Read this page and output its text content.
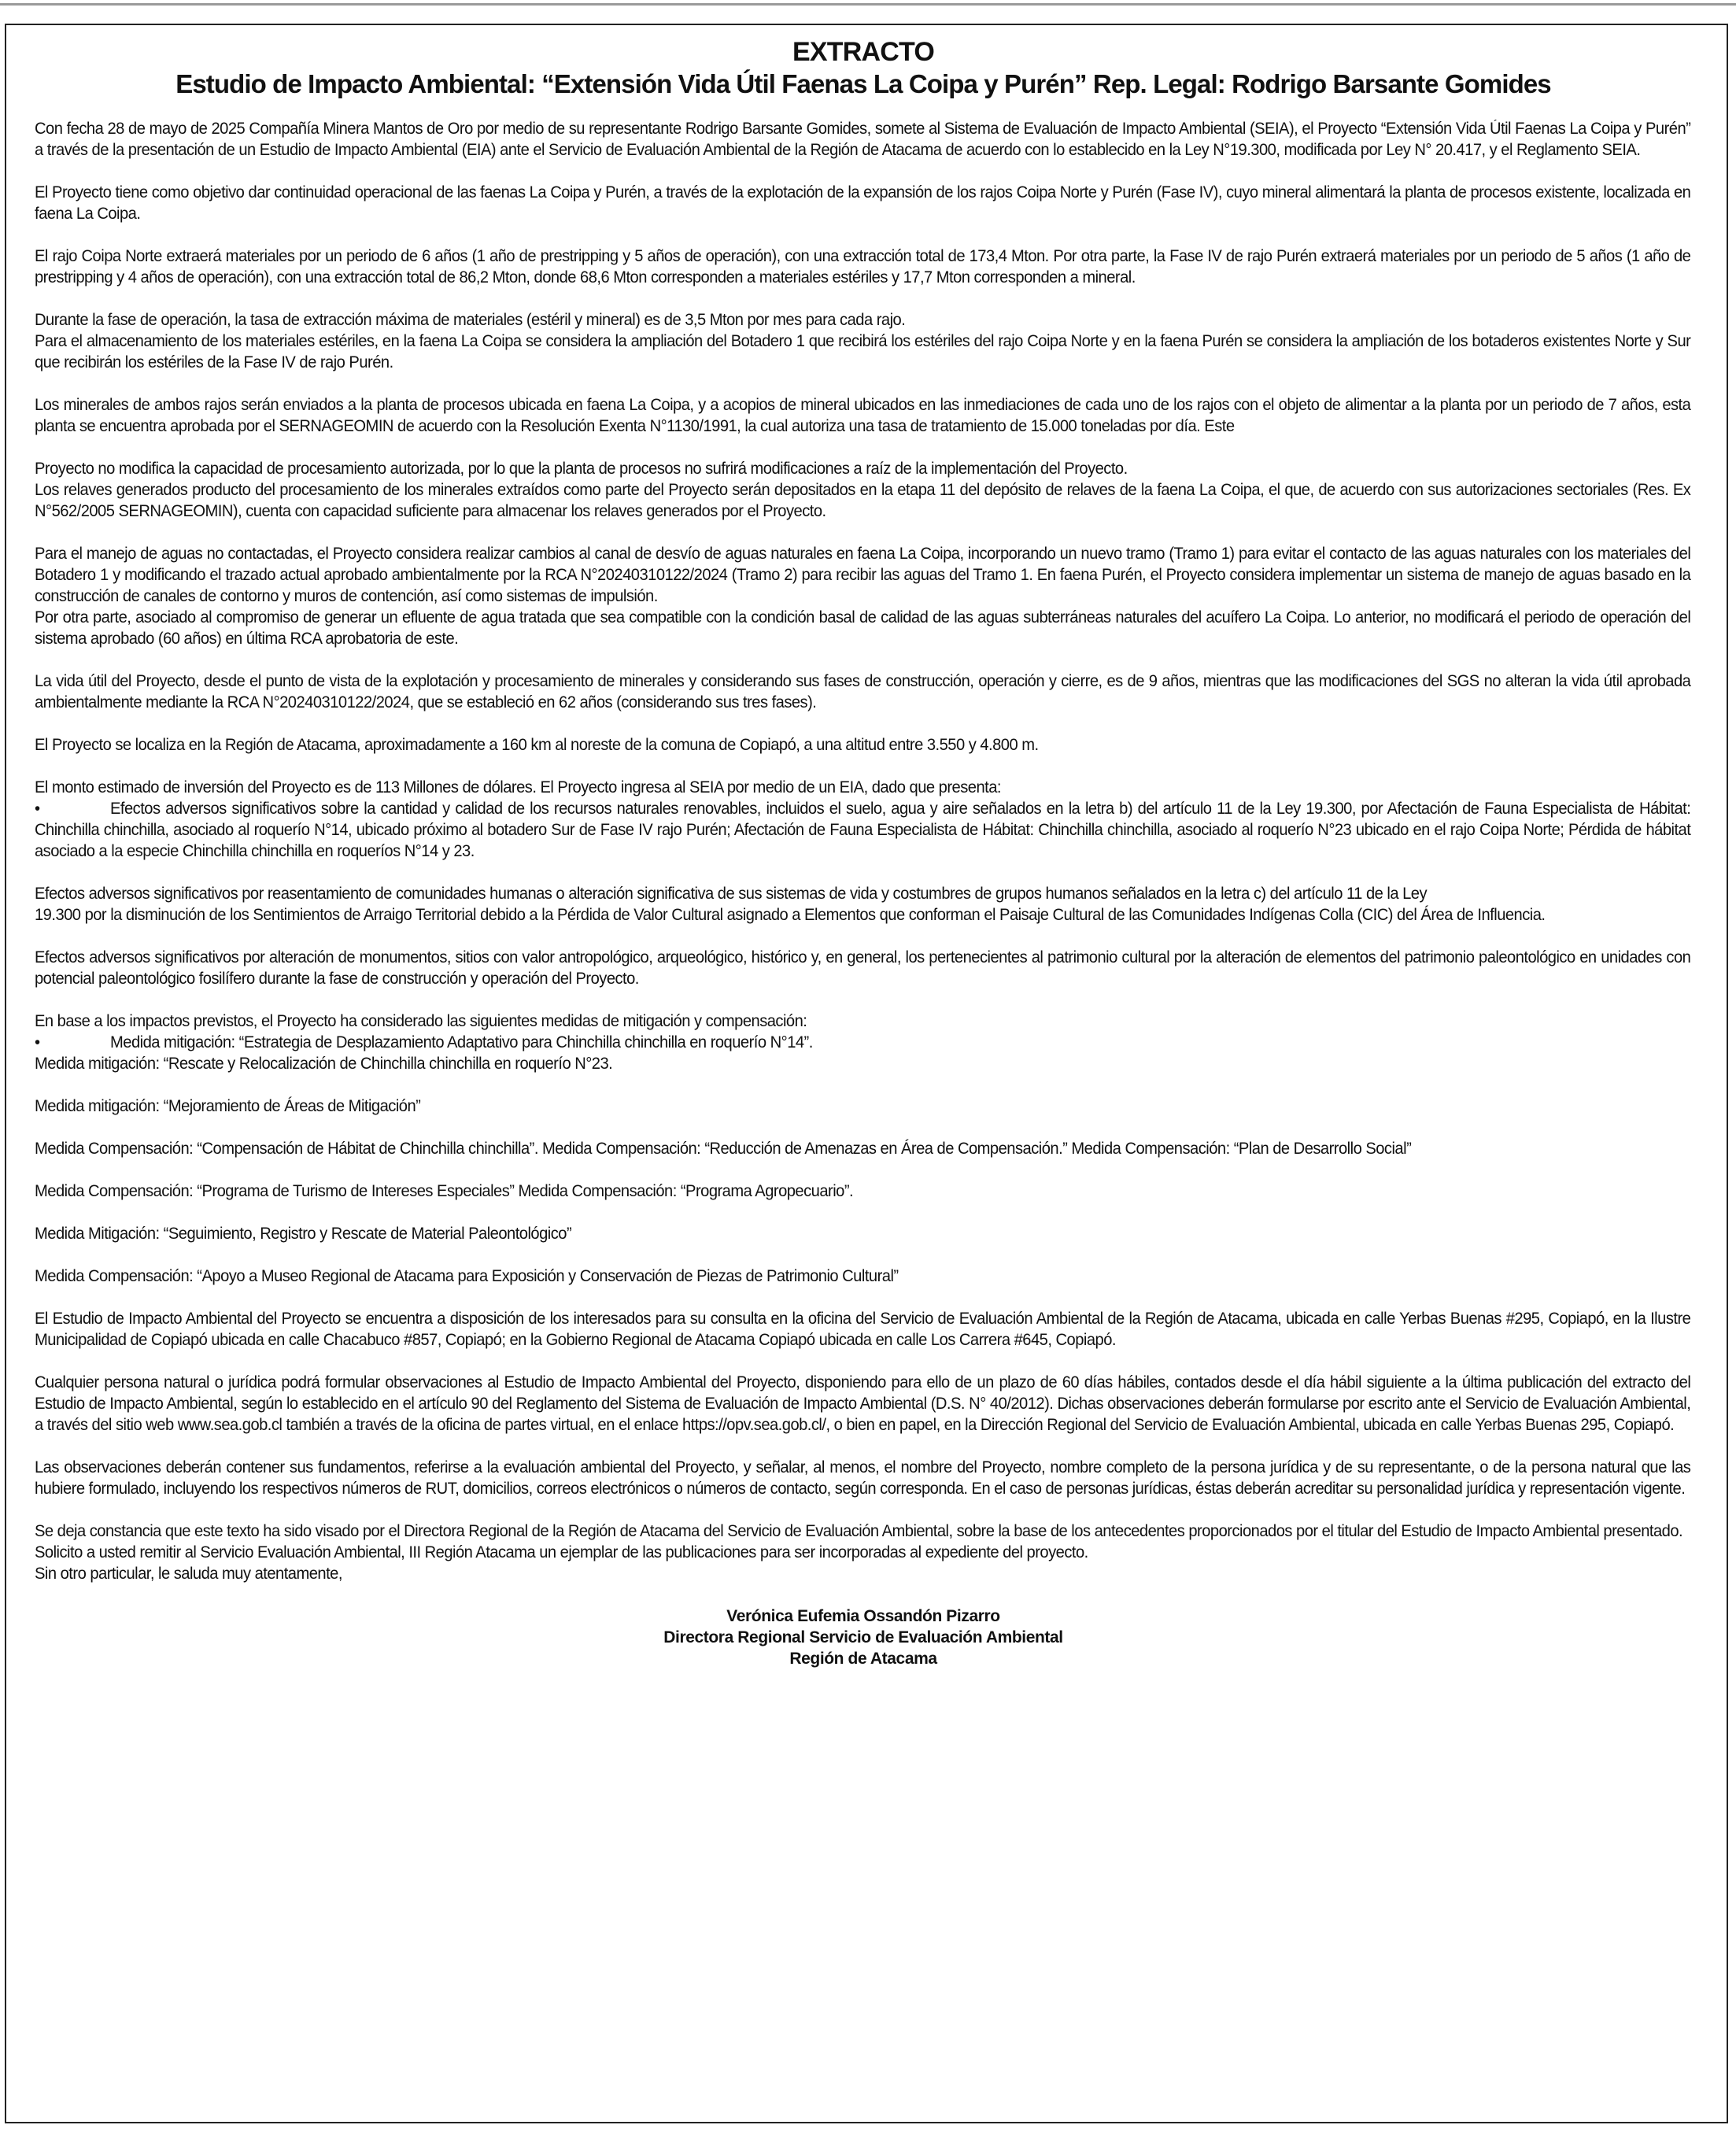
EXTRACTO
Estudio de Impacto Ambiental: “Extensión Vida Útil Faenas La Coipa y Purén” Rep. Legal: Rodrigo Barsante Gomides

Con fecha 28 de mayo de 2025 Compañía Minera Mantos de Oro por medio de su representante Rodrigo Barsante Gomides, somete al Sistema de Evaluación de Impacto Ambiental (SEIA), el Proyecto “Extensión Vida Útil Faenas La Coipa y Purén” a través de la presentación de un Estudio de Impacto Ambiental (EIA) ante el Servicio de Evaluación Ambiental de la Región de Atacama de acuerdo con lo establecido en la Ley N°19.300, modificada por Ley N° 20.417, y el Reglamento SEIA.

El Proyecto tiene como objetivo dar continuidad operacional de las faenas La Coipa y Purén, a través de la explotación de la expansión de los rajos Coipa Norte y Purén (Fase IV), cuyo mineral alimentará la planta de procesos existente, localizada en faena La Coipa.

El rajo Coipa Norte extraerá materiales por un periodo de 6 años (1 año de prestripping y 5 años de operación), con una extracción total de 173,4 Mton. Por otra parte, la Fase IV de rajo Purén extraerá materiales por un periodo de 5 años (1 año de prestripping y 4 años de operación), con una extracción total de 86,2 Mton, donde 68,6 Mton corresponden a materiales estériles y 17,7 Mton corresponden a mineral.

Durante la fase de operación, la tasa de extracción máxima de materiales (estéril y mineral) es de 3,5 Mton por mes para cada rajo.
Para el almacenamiento de los materiales estériles, en la faena La Coipa se considera la ampliación del Botadero 1 que recibirá los estériles del rajo Coipa Norte y en la faena Purén se considera la ampliación de los botaderos existentes Norte y Sur que recibirán los estériles de la Fase IV de rajo Purén.

Los minerales de ambos rajos serán enviados a la planta de procesos ubicada en faena La Coipa, y a acopios de mineral ubicados en las inmediaciones de cada uno de los rajos con el objeto de alimentar a la planta por un periodo de 7 años, esta planta se encuentra aprobada por el SERNAGEOMIN de acuerdo con la Resolución Exenta N°1130/1991, la cual autoriza una tasa de tratamiento de 15.000 toneladas por día. Este

Proyecto no modifica la capacidad de procesamiento autorizada, por lo que la planta de procesos no sufrirá modificaciones a raíz de la implementación del Proyecto.
Los relaves generados producto del procesamiento de los minerales extraídos como parte del Proyecto serán depositados en la etapa 11 del depósito de relaves de la faena La Coipa, el que, de acuerdo con sus autorizaciones sectoriales (Res. Ex N°562/2005 SERNAGEOMIN), cuenta con capacidad suficiente para almacenar los relaves generados por el Proyecto.
Para el manejo de aguas no contactadas, el Proyecto considera realizar cambios al canal de desvío de aguas naturales en faena La Coipa, incorporando un nuevo tramo (Tramo 1) para evitar el contacto de las aguas naturales con los materiales del Botadero 1 y modificando el trazado actual aprobado ambientalmente por la RCA N°20240310122/2024 (Tramo 2) para recibir las aguas del Tramo 1. En faena Purén, el Proyecto considera implementar un sistema de manejo de aguas basado en la construcción de canales de contorno y muros de contención, así como sistemas de impulsión.
Por otra parte, asociado al compromiso de generar un efluente de agua tratada que sea compatible con la condición basal de calidad de las aguas subterráneas naturales del acuífero La Coipa. Lo anterior, no modificará el periodo de operación del sistema aprobado (60 años) en última RCA aprobatoria de este.

La vida útil del Proyecto, desde el punto de vista de la explotación y procesamiento de minerales y considerando sus fases de construcción, operación y cierre, es de 9 años, mientras que las modificaciones del SGS no alteran la vida útil aprobada ambientalmente mediante la RCA N°20240310122/2024, que se estableció en 62 años (considerando sus tres fases).

El Proyecto se localiza en la Región de Atacama, aproximadamente a 160 km al noreste de la comuna de Copiapó, a una altitud entre 3.550 y 4.800 m.

El monto estimado de inversión del Proyecto es de 113 Millones de dólares. El Proyecto ingresa al SEIA por medio de un EIA, dado que presenta:
•	Efectos adversos significativos sobre la cantidad y calidad de los recursos naturales renovables, incluidos el suelo, agua y aire señalados en la letra b) del artículo 11 de la Ley 19.300, por Afectación de Fauna Especialista de Hábitat: Chinchilla chinchilla, asociado al roquerío N°14, ubicado próximo al botadero Sur de Fase IV rajo Purén; Afectación de Fauna Especialista de Hábitat: Chinchilla chinchilla, asociado al roquerío N°23 ubicado en el rajo Coipa Norte; Pérdida de hábitat asociado a la especie Chinchilla chinchilla en roqueríos N°14 y 23.
Efectos adversos significativos por reasentamiento de comunidades humanas o alteración significativa de sus sistemas de vida y costumbres de grupos humanos señalados en la letra c) del artículo 11 de la Ley
19.300 por la disminución de los Sentimientos de Arraigo Territorial debido a la Pérdida de Valor Cultural asignado a Elementos que conforman el Paisaje Cultural de las Comunidades Indígenas Colla (CIC) del Área de Influencia.

Efectos adversos significativos por alteración de monumentos, sitios con valor antropológico, arqueológico, histórico y, en general, los pertenecientes al patrimonio cultural por la alteración de elementos del patrimonio paleontológico en unidades con potencial paleontológico fosilífero durante la fase de construcción y operación del Proyecto.

En base a los impactos previstos, el Proyecto ha considerado las siguientes medidas de mitigación y compensación:
•	Medida mitigación: “Estrategia de Desplazamiento Adaptativo para Chinchilla chinchilla en roquerío N°14”.
Medida mitigación: “Rescate y Relocalización de Chinchilla chinchilla en roquerío N°23.

Medida mitigación: “Mejoramiento de Áreas de Mitigación”

Medida Compensación: “Compensación de Hábitat de Chinchilla chinchilla”. Medida Compensación: “Reducción de Amenazas en Área de Compensación.” Medida Compensación: “Plan de Desarrollo Social”

Medida Compensación: “Programa de Turismo de Intereses Especiales” Medida Compensación: “Programa Agropecuario”.

Medida Mitigación: “Seguimiento, Registro y Rescate de Material Paleontológico”

Medida Compensación: “Apoyo a Museo Regional de Atacama para Exposición y Conservación de Piezas de Patrimonio Cultural”

El Estudio de Impacto Ambiental del Proyecto se encuentra a disposición de los interesados para su consulta en la oficina del Servicio de Evaluación Ambiental de la Región de Atacama, ubicada en calle Yerbas Buenas #295, Copiapó, en la Ilustre Municipalidad de Copiapó ubicada en calle Chacabuco #857, Copiapó; en la Gobierno Regional de Atacama Copiapó ubicada en calle Los Carrera #645, Copiapó.

Cualquier persona natural o jurídica podrá formular observaciones al Estudio de Impacto Ambiental del Proyecto, disponiendo para ello de un plazo de 60 días hábiles, contados desde el día hábil siguiente a la última publicación del extracto del Estudio de Impacto Ambiental, según lo establecido en el artículo 90 del Reglamento del Sistema de Evaluación de Impacto Ambiental (D.S. N° 40/2012). Dichas observaciones deberán formularse por escrito ante el Servicio de Evaluación Ambiental, a través del sitio web www.sea.gob.cl también a través de la oficina de partes virtual, en el enlace https://opv.sea.gob.cl/, o bien en papel, en la Dirección Regional del Servicio de Evaluación Ambiental, ubicada en calle Yerbas Buenas 295, Copiapó.

Las observaciones deberán contener sus fundamentos, referirse a la evaluación ambiental del Proyecto, y señalar, al menos, el nombre del Proyecto, nombre completo de la persona jurídica y de su representante, o de la persona natural que las hubiere formulado, incluyendo los respectivos números de RUT, domicilios, correos electrónicos o números de contacto, según corresponda. En el caso de personas jurídicas, éstas deberán acreditar su personalidad jurídica y representación vigente.

Se deja constancia que este texto ha sido visado por el Directora Regional de la Región de Atacama del Servicio de Evaluación Ambiental, sobre la base de los antecedentes proporcionados por el titular del Estudio de Impacto Ambiental presentado.
Solicito a usted remitir al Servicio Evaluación Ambiental, III Región Atacama un ejemplar de las publicaciones para ser incorporadas al expediente del proyecto.
Sin otro particular, le saluda muy atentamente,
Verónica Eufemia Ossandón Pizarro
Directora Regional Servicio de Evaluación Ambiental
Región de Atacama
